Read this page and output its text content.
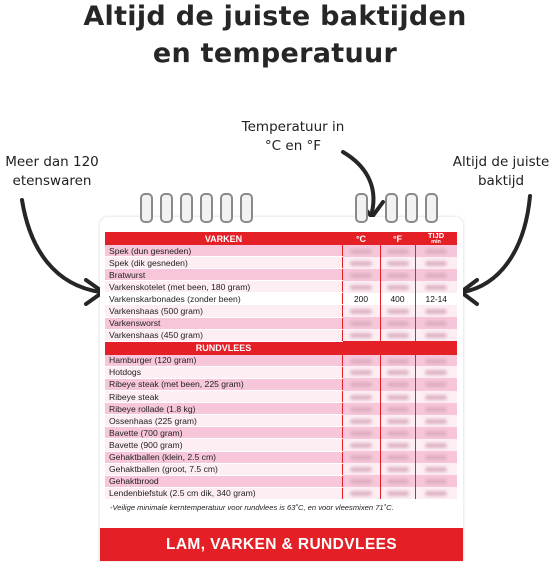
Altijd de juiste baktijden
en temperatuur
Meer dan 120
etenswaren
Temperatuur in
°C en °F
Altijd de juiste
baktijd
VARKEN	°C	°F	TIJD
min

Spek (dun gesneden)			
Spek (dik gesneden)			
Bratwurst			
Varkenskotelet (met been, 180 gram)			
Varkenskarbonades (zonder been)	200	400	12-14
Varkenshaas (500 gram)			
Varkensworst			
Varkenshaas (450 gram)			
RUNDVLEES			
Hamburger (120 gram)			
Hotdogs			
Ribeye steak (met been, 225 gram)			
Ribeye steak			
Ribeye rollade (1.8 kg)			
Ossenhaas (225 gram)			
Bavette (700 gram)			
Bavette (900 gram)			
Gehaktballen (klein, 2.5 cm)			
Gehaktballen (groot, 7.5 cm)			
Gehaktbrood			
Lendenbiefstuk (2.5 cm dik, 340 gram)			
-Veilige minimale kerntemperatuur voor rundvlees is 63˚C, en voor vleesmixen 71˚C.
LAM, VARKEN & RUNDVLEES
